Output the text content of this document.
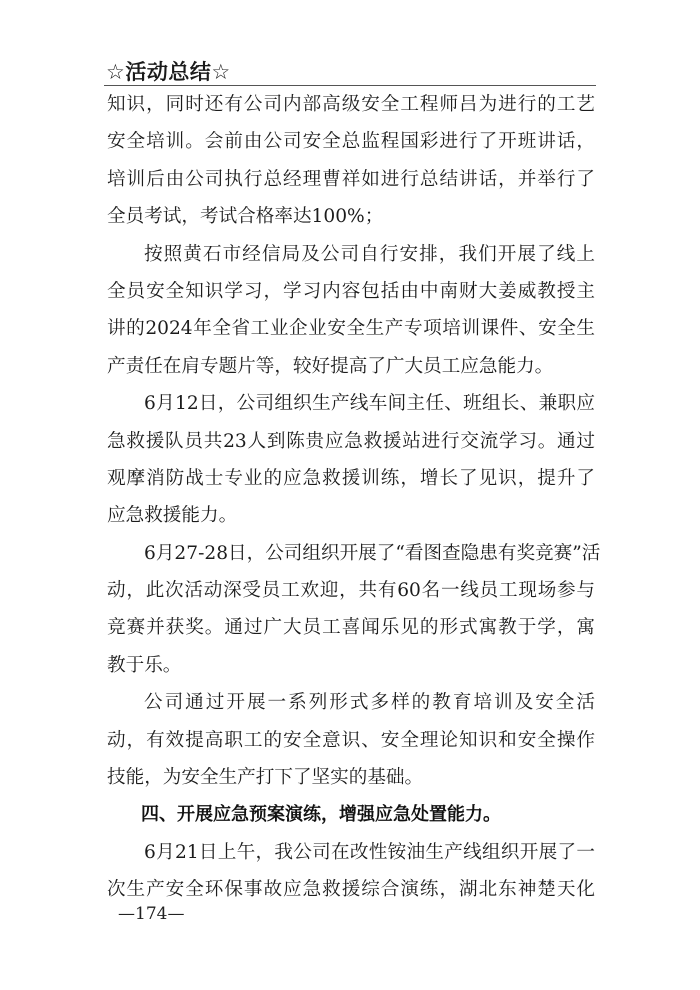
☆活动总结☆
知识，同时还有公司内部高级安全工程师吕为进行的工艺
安全培训。会前由公司安全总监程国彩进行了开班讲话，
培训后由公司执行总经理曹祥如进行总结讲话，并举行了
全员考试，考试合格率达100%；
按照黄石市经信局及公司自行安排，我们开展了线上
全员安全知识学习，学习内容包括由中南财大姜威教授主
讲的2024年全省工业企业安全生产专项培训课件、安全生
产责任在肩专题片等，较好提高了广大员工应急能力。
6月12日，公司组织生产线车间主任、班组长、兼职应
急救援队员共23人到陈贵应急救援站进行交流学习。通过
观摩消防战士专业的应急救援训练，增长了见识，提升了
应急救援能力。
6月27-28日，公司组织开展了“看图查隐患有奖竞赛”活
动，此次活动深受员工欢迎，共有60名一线员工现场参与
竞赛并获奖。通过广大员工喜闻乐见的形式寓教于学，寓
教于乐。
公司通过开展一系列形式多样的教育培训及安全活
动，有效提高职工的安全意识、安全理论知识和安全操作
技能，为安全生产打下了坚实的基础。
四、开展应急预案演练，增强应急处置能力。
6月21日上午，我公司在改性铵油生产线组织开展了一
次生产安全环保事故应急救援综合演练，湖北东神楚天化
—174—
